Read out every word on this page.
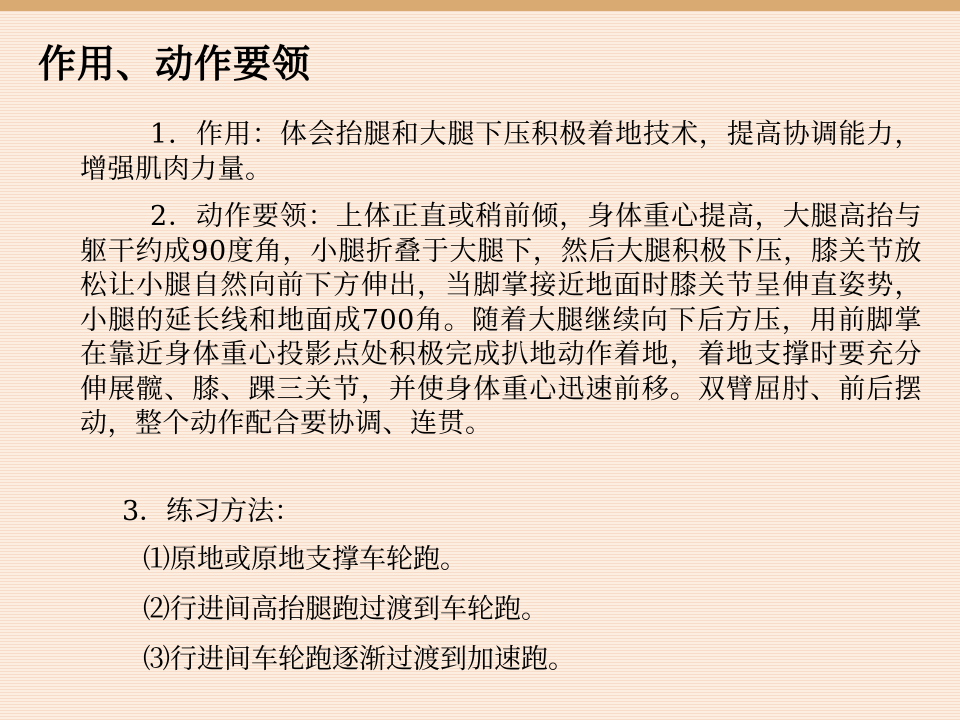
作用、动作要领

1．作用：体会抬腿和大腿下压积极着地技术，提高协调能力，增强肌肉力量。

2．动作要领：上体正直或稍前倾，身体重心提高，大腿高抬与躯干约成90度角，小腿折叠于大腿下，然后大腿积极下压，膝关节放松让小腿自然向前下方伸出，当脚掌接近地面时膝关节呈伸直姿势，小腿的延长线和地面成700角。随着大腿继续向下后方压，用前脚掌在靠近身体重心投影点处积极完成扒地动作着地，着地支撑时要充分伸展髋、膝、踝三关节，并使身体重心迅速前移。双臂屈肘、前后摆动，整个动作配合要协调、连贯。

3．练习方法：

⑴原地或原地支撑车轮跑。

⑵行进间高抬腿跑过渡到车轮跑。

⑶行进间车轮跑逐渐过渡到加速跑。
